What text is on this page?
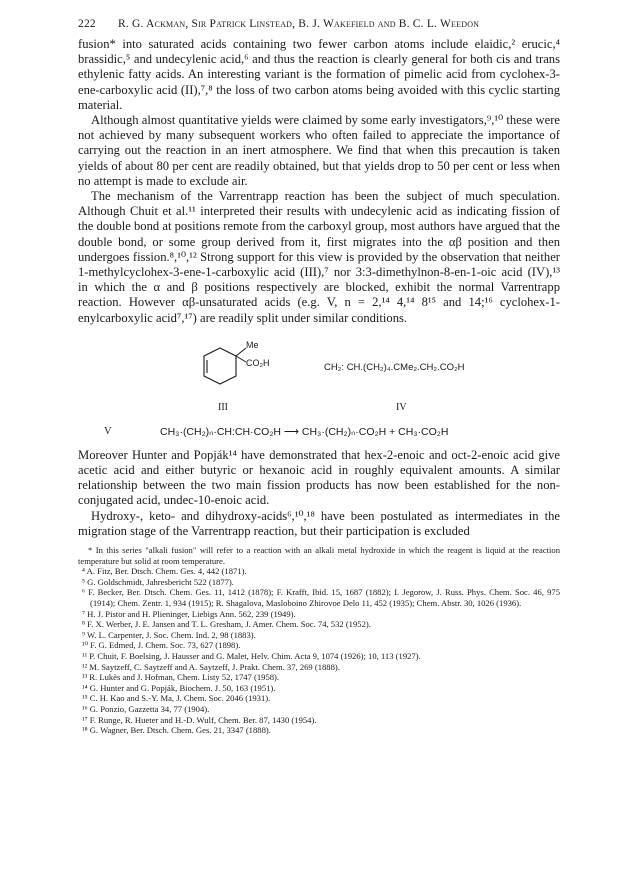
222 R. G. Ackman, Sir Patrick Linstead, B. J. Wakefield and B. C. L. Weedon

fusion* into saturated acids containing two fewer carbon atoms include elaidic,² erucic,⁴ brassidic,⁵ and undecylenic acid,⁶ and thus the reaction is clearly general for both cis and trans ethylenic fatty acids. An interesting variant is the formation of pimelic acid from cyclohex-3-ene-carboxylic acid (II),⁷,⁸ the loss of two carbon atoms being avoided with this cyclic starting material.

Although almost quantitative yields were claimed by some early investigators,⁹,¹⁰ these were not achieved by many subsequent workers who often failed to appreciate the importance of carrying out the reaction in an inert atmosphere. We find that when this precaution is taken yields of about 80 per cent are readily obtained, but that yields drop to 50 per cent or less when no attempt is made to exclude air.

The mechanism of the Varrentrapp reaction has been the subject of much speculation. Although Chuit et al.¹¹ interpreted their results with undecylenic acid as indicating fission of the double bond at positions remote from the carboxyl group, most authors have argued that the double bond, or some group derived from it, first migrates into the αβ position and then undergoes fission.⁸,¹⁰,¹² Strong support for this view is provided by the observation that neither 1-methylcyclohex-3-ene-1-carboxylic acid (III),⁷ nor 3:3-dimethylnon-8-en-1-oic acid (IV),¹³ in which the α and β positions respectively are blocked, exhibit the normal Varrentrapp reaction. However αβ-unsaturated acids (e.g. V, n = 2,¹⁴ 4,¹⁴ 8¹⁵ and 14;¹⁶ cyclohex-1-enylcarboxylic acid⁷,¹⁷) are readily split under similar conditions.

Me
CO₂H	CH₂: CH.(CH₂)₄.CMe₂.CH₂.CO₂H
III	IV
V	CH₃·(CH₂)ₙ·CH:CH·CO₂H ⟶ CH₃·(CH₂)ₙ·CO₂H + CH₃·CO₂H

Moreover Hunter and Popják¹⁴ have demonstrated that hex-2-enoic and oct-2-enoic acid give acetic acid and either butyric or hexanoic acid in roughly equivalent amounts. A similar relationship between the two main fission products has now been established for the non-conjugated acid, undec-10-enoic acid.

Hydroxy-, keto- and dihydroxy-acids⁶,¹⁰,¹⁸ have been postulated as intermediates in the migration stage of the Varrentrapp reaction, but their participation is excluded

* In this series "alkali fusion" will refer to a reaction with an alkali metal hydroxide in which the reagent is liquid at the reaction temperature but solid at room temperature.
⁴ A. Fitz, Ber. Dtsch. Chem. Ges. 4, 442 (1871).
⁵ G. Goldschmidt, Jahresbericht 522 (1877).
⁶ F. Becker, Ber. Dtsch. Chem. Ges. 11, 1412 (1878); F. Krafft, Ibid. 15, 1687 (1882); I. Jegorow, J. Russ. Phys. Chem. Soc. 46, 975 (1914); Chem. Zentr. 1, 934 (1915); R. Shagalova, Masloboino Zhirovoe Delo 11, 452 (1935); Chem. Abstr. 30, 1026 (1936).
⁷ H. J. Pistor and H. Plieninger, Liebigs Ann. 562, 239 (1949).
⁸ F. X. Werber, J. E. Jansen and T. L. Gresham, J. Amer. Chem. Soc. 74, 532 (1952).
⁹ W. L. Carpenter, J. Soc. Chem. Ind. 2, 98 (1883).
¹⁰ F. G. Edmed, J. Chem. Soc. 73, 627 (1898).
¹¹ P. Chuit, F. Boelsing, J. Hausser and G. Malet, Helv. Chim. Acta 9, 1074 (1926); 10, 113 (1927).
¹² M. Saytzeff, C. Saytzeff and A. Saytzeff, J. Prakt. Chem. 37, 269 (1888).
¹³ R. Lukès and J. Hofman, Chem. Listy 52, 1747 (1958).
¹⁴ G. Hunter and G. Popják, Biochem. J. 50, 163 (1951).
¹⁵ C. H. Kao and S.-Y. Ma, J. Chem. Soc. 2046 (1931).
¹⁶ G. Ponzio, Gazzetta 34, 77 (1904).
¹⁷ F. Runge, R. Hueter and H.-D. Wulf, Chem. Ber. 87, 1430 (1954).
¹⁸ G. Wagner, Ber. Dtsch. Chem. Ges. 21, 3347 (1888).
